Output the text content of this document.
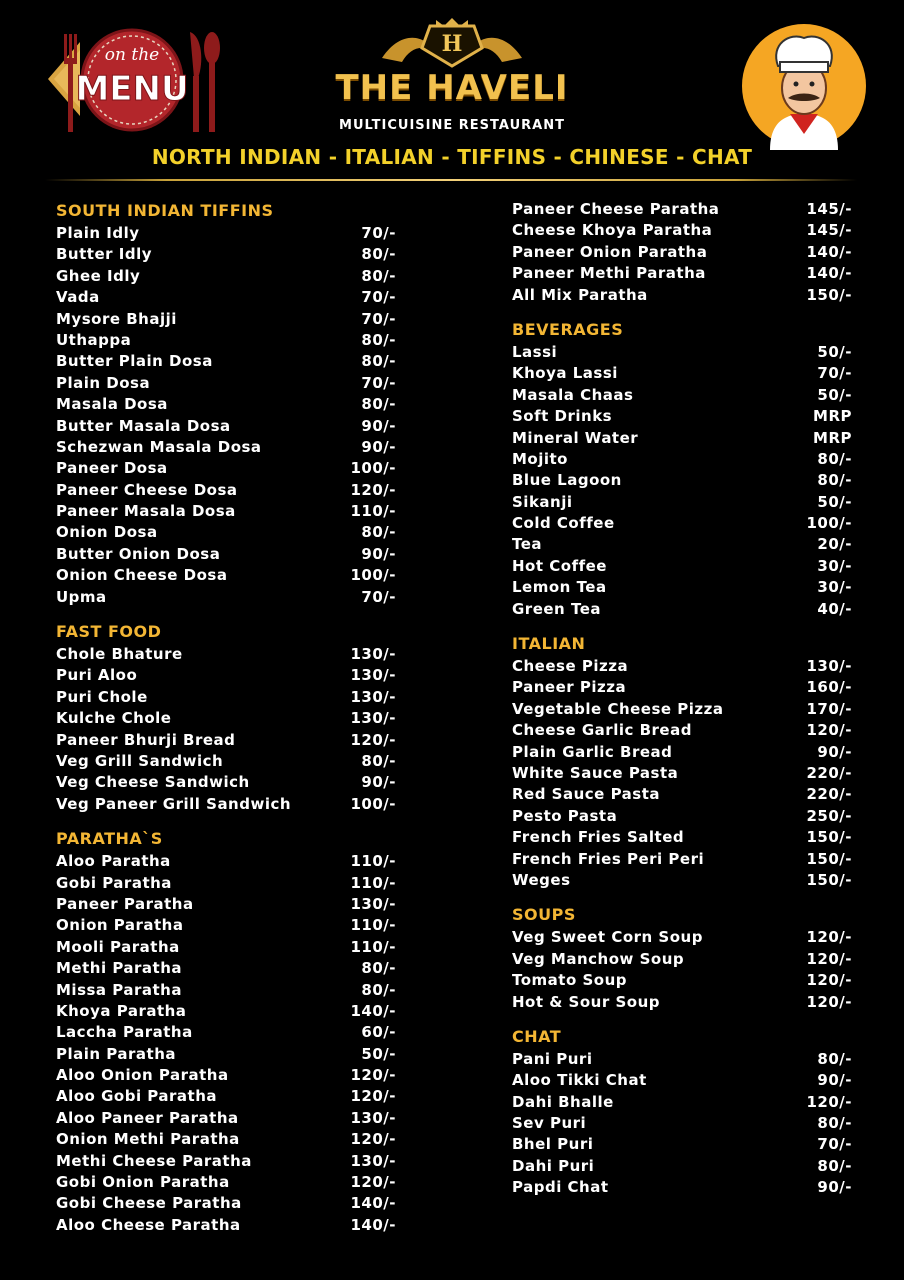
on the
MENU
H
THE HAVELI
MULTICUISINE RESTAURANT
NORTH INDIAN - ITALIAN - TIFFINS - CHINESE - CHAT
SOUTH INDIAN TIFFINS
Plain Idly	70/-
Butter Idly	80/-
Ghee Idly	80/-
Vada	70/-
Mysore Bhajji	70/-
Uthappa	80/-
Butter Plain Dosa	80/-
Plain Dosa	70/-
Masala Dosa	80/-
Butter Masala Dosa	90/-
Schezwan Masala Dosa	90/-
Paneer Dosa	100/-
Paneer Cheese Dosa	120/-
Paneer Masala Dosa	110/-
Onion Dosa	80/-
Butter Onion Dosa	90/-
Onion Cheese Dosa	100/-
Upma	70/-
FAST FOOD
Chole Bhature	130/-
Puri Aloo	130/-
Puri Chole	130/-
Kulche Chole	130/-
Paneer Bhurji Bread	120/-
Veg Grill Sandwich	80/-
Veg Cheese Sandwich	90/-
Veg Paneer Grill Sandwich	100/-
PARATHA`S
Aloo Paratha	110/-
Gobi Paratha	110/-
Paneer Paratha	130/-
Onion Paratha	110/-
Mooli Paratha	110/-
Methi Paratha	80/-
Missa Paratha	80/-
Khoya Paratha	140/-
Laccha Paratha	60/-
Plain Paratha	50/-
Aloo Onion Paratha	120/-
Aloo Gobi Paratha	120/-
Aloo Paneer Paratha	130/-
Onion Methi Paratha	120/-
Methi Cheese Paratha	130/-
Gobi Onion Paratha	120/-
Gobi Cheese Paratha	140/-
Aloo Cheese Paratha	140/-
Paneer Cheese Paratha	145/-
Cheese Khoya Paratha	145/-
Paneer Onion Paratha	140/-
Paneer Methi Paratha	140/-
All Mix Paratha	150/-
BEVERAGES
Lassi	50/-
Khoya Lassi	70/-
Masala Chaas	50/-
Soft Drinks	MRP
Mineral Water	MRP
Mojito	80/-
Blue Lagoon	80/-
Sikanji	50/-
Cold Coffee	100/-
Tea	20/-
Hot Coffee	30/-
Lemon Tea	30/-
Green Tea	40/-
ITALIAN
Cheese Pizza	130/-
Paneer Pizza	160/-
Vegetable Cheese Pizza	170/-
Cheese Garlic Bread	120/-
Plain Garlic Bread	90/-
White Sauce Pasta	220/-
Red Sauce Pasta	220/-
Pesto Pasta	250/-
French Fries Salted	150/-
French Fries Peri Peri	150/-
Weges	150/-
SOUPS
Veg Sweet Corn Soup	120/-
Veg Manchow Soup	120/-
Tomato Soup	120/-
Hot & Sour Soup	120/-
CHAT
Pani Puri	80/-
Aloo Tikki Chat	90/-
Dahi Bhalle	120/-
Sev Puri	80/-
Bhel Puri	70/-
Dahi Puri	80/-
Papdi Chat	90/-
